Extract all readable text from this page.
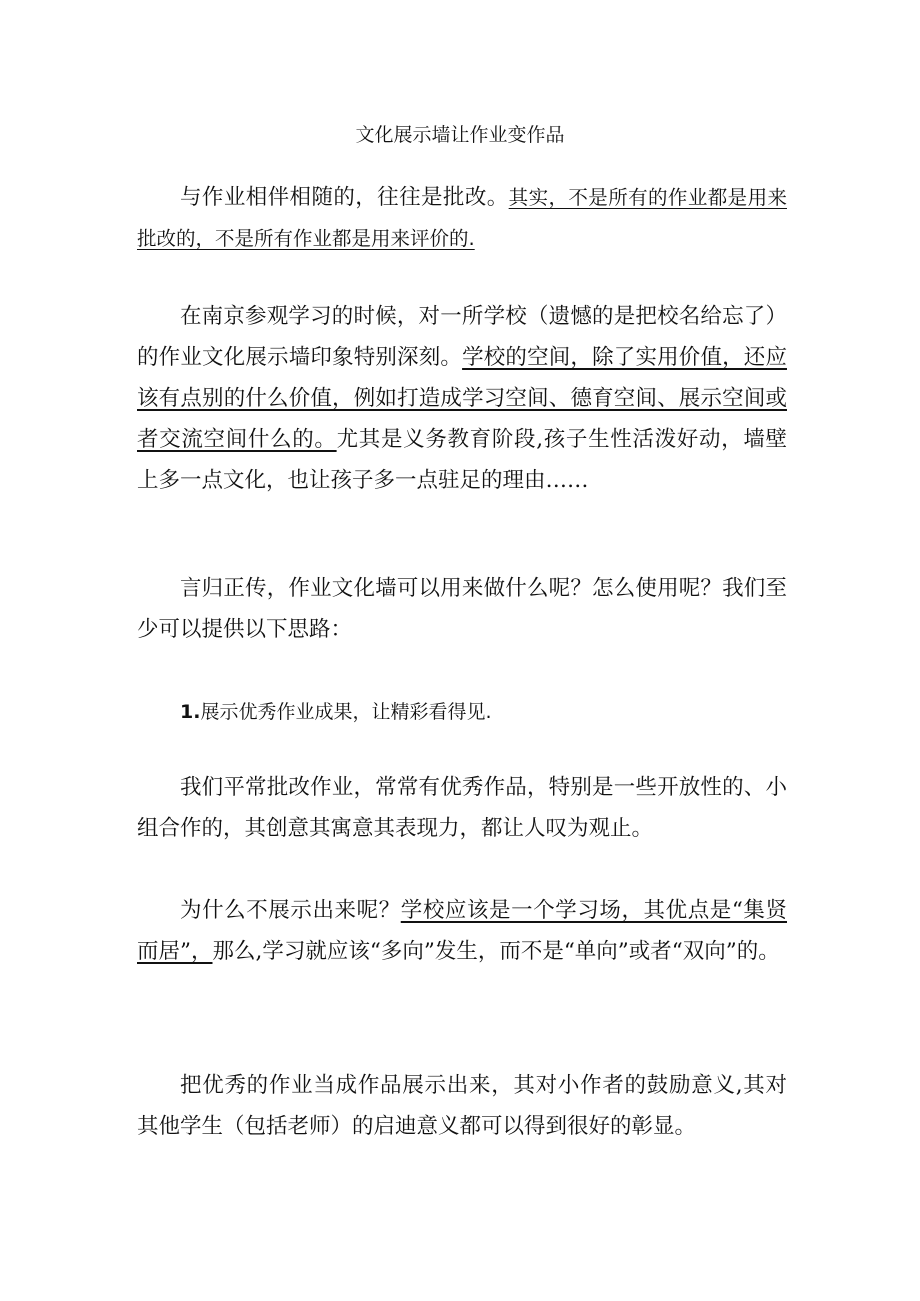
文化展示墙让作业变作品
与作业相伴相随的，往往是批改。其实，不是所有的作业都是用来批改的，不是所有作业都是用来评价的.
在南京参观学习的时候，对一所学校（遗憾的是把校名给忘了）的作业文化展示墙印象特别深刻。学校的空间，除了实用价值，还应该有点别的什么价值，例如打造成学习空间、德育空间、展示空间或者交流空间什么的。尤其是义务教育阶段,孩子生性活泼好动，墙壁上多一点文化，也让孩子多一点驻足的理由……
言归正传，作业文化墙可以用来做什么呢？怎么使用呢？我们至少可以提供以下思路：
1.展示优秀作业成果，让精彩看得见.
我们平常批改作业，常常有优秀作品，特别是一些开放性的、小组合作的，其创意其寓意其表现力，都让人叹为观止。
为什么不展示出来呢？学校应该是一个学习场，其优点是“集贤而居”，那么,学习就应该“多向”发生，而不是“单向”或者“双向”的。
把优秀的作业当成作品展示出来，其对小作者的鼓励意义,其对其他学生（包括老师）的启迪意义都可以得到很好的彰显。
